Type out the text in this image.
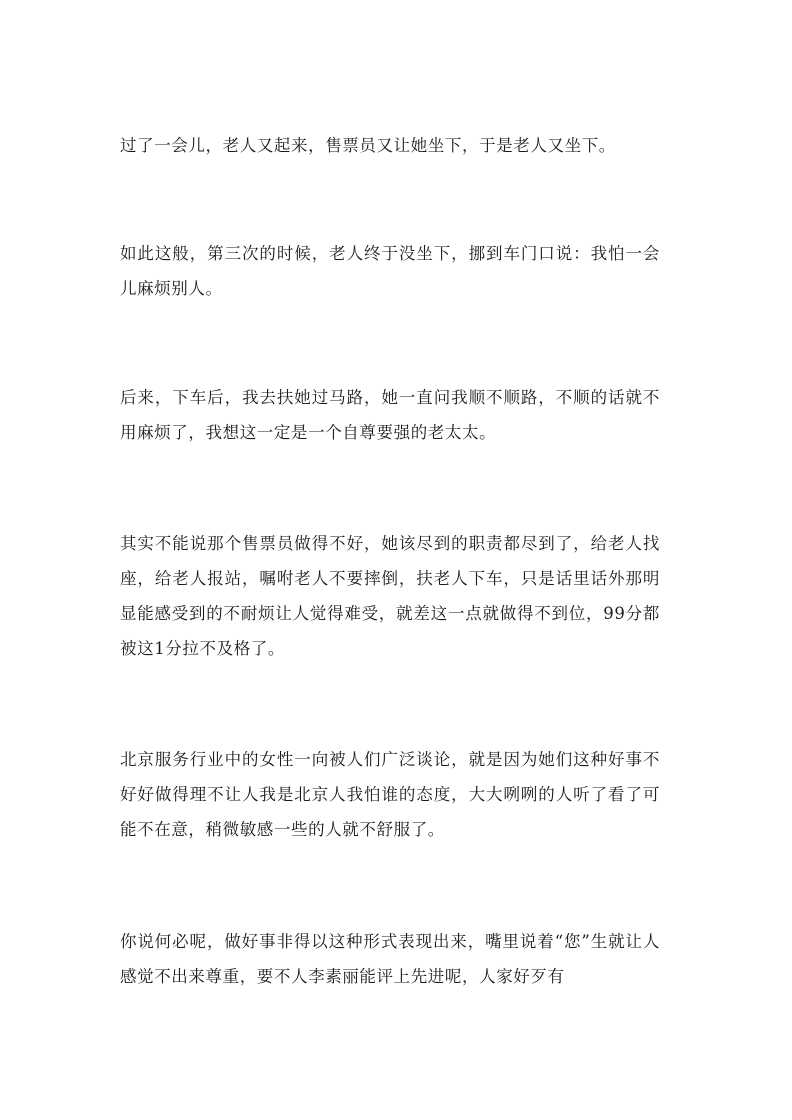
过了一会儿，老人又起来，售票员又让她坐下，于是老人又坐下。

如此这般，第三次的时候，老人终于没坐下，挪到车门口说：我怕一会儿麻烦别人。

后来，下车后，我去扶她过马路，她一直问我顺不顺路，不顺的话就不用麻烦了，我想这一定是一个自尊要强的老太太。

其实不能说那个售票员做得不好，她该尽到的职责都尽到了，给老人找座，给老人报站，嘱咐老人不要摔倒，扶老人下车，只是话里话外那明显能感受到的不耐烦让人觉得难受，就差这一点就做得不到位，99分都被这1分拉不及格了。

北京服务行业中的女性一向被人们广泛谈论，就是因为她们这种好事不好好做得理不让人我是北京人我怕谁的态度，大大咧咧的人听了看了可能不在意，稍微敏感一些的人就不舒服了。

你说何必呢，做好事非得以这种形式表现出来，嘴里说着“您”生就让人感觉不出来尊重，要不人李素丽能评上先进呢，人家好歹有
